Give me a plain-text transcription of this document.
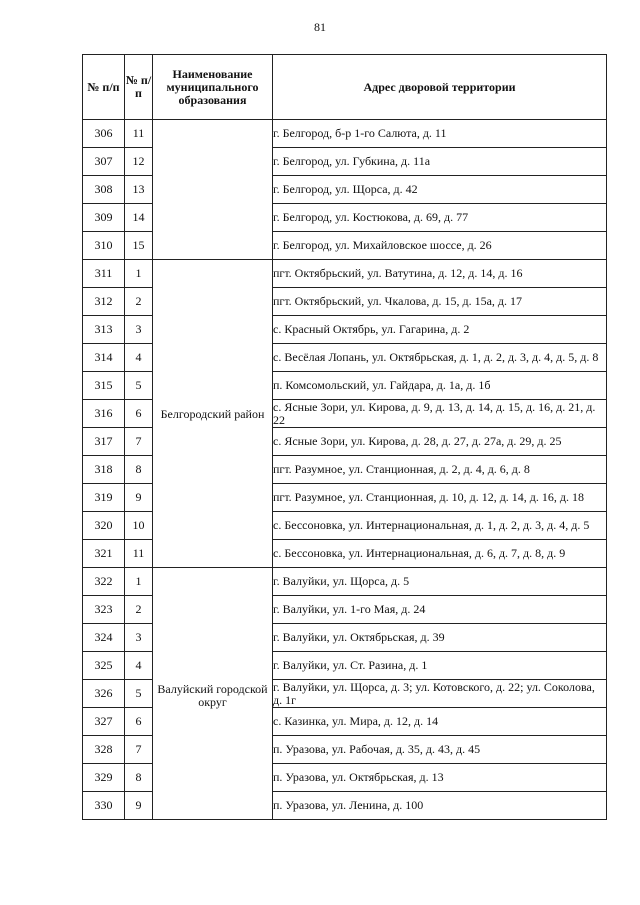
81
№ п/п	№ п/п	Наименование муниципального образования	Адрес дворовой территории
306	11		г. Белгород, б-р 1-го Салюта, д. 11
307	12		г. Белгород, ул. Губкина, д. 11а
308	13		г. Белгород, ул. Щорса, д. 42
309	14		г. Белгород, ул. Костюкова, д. 69, д. 77
310	15		г. Белгород, ул. Михайловское шоссе, д. 26
311	1	Белгородский район	пгт. Октябрьский, ул. Ватутина, д. 12, д. 14, д. 16
312	2		пгт. Октябрьский, ул. Чкалова, д. 15, д. 15а, д. 17
313	3		с. Красный Октябрь, ул. Гагарина, д. 2
314	4		с. Весёлая Лопань, ул. Октябрьская, д. 1, д. 2, д. 3, д. 4, д. 5, д. 8
315	5		п. Комсомольский, ул. Гайдара, д. 1а, д. 1б
316	6		с. Ясные Зори, ул. Кирова, д. 9, д. 13, д. 14, д. 15, д. 16, д. 21, д. 22
317	7		с. Ясные Зори, ул. Кирова, д. 28, д. 27, д. 27а, д. 29, д. 25
318	8		пгт. Разумное, ул. Станционная, д. 2, д. 4, д. 6, д. 8
319	9		пгт. Разумное, ул. Станционная, д. 10, д. 12, д. 14, д. 16, д. 18
320	10		с. Бессоновка, ул. Интернациональная, д. 1, д. 2, д. 3, д. 4, д. 5
321	11		с. Бессоновка, ул. Интернациональная, д. 6, д. 7, д. 8, д. 9
322	1	Валуйский городской округ	г. Валуйки, ул. Щорса, д. 5
323	2		г. Валуйки, ул. 1-го Мая, д. 24
324	3		г. Валуйки, ул. Октябрьская, д. 39
325	4		г. Валуйки, ул. Ст. Разина, д. 1
326	5		г. Валуйки, ул. Щорса, д. 3; ул. Котовского, д. 22; ул. Соколова, д. 1г
327	6		с. Казинка, ул. Мира, д. 12, д. 14
328	7		п. Уразова, ул. Рабочая, д. 35, д. 43, д. 45
329	8		п. Уразова, ул. Октябрьская, д. 13
330	9		п. Уразова, ул. Ленина, д. 100
